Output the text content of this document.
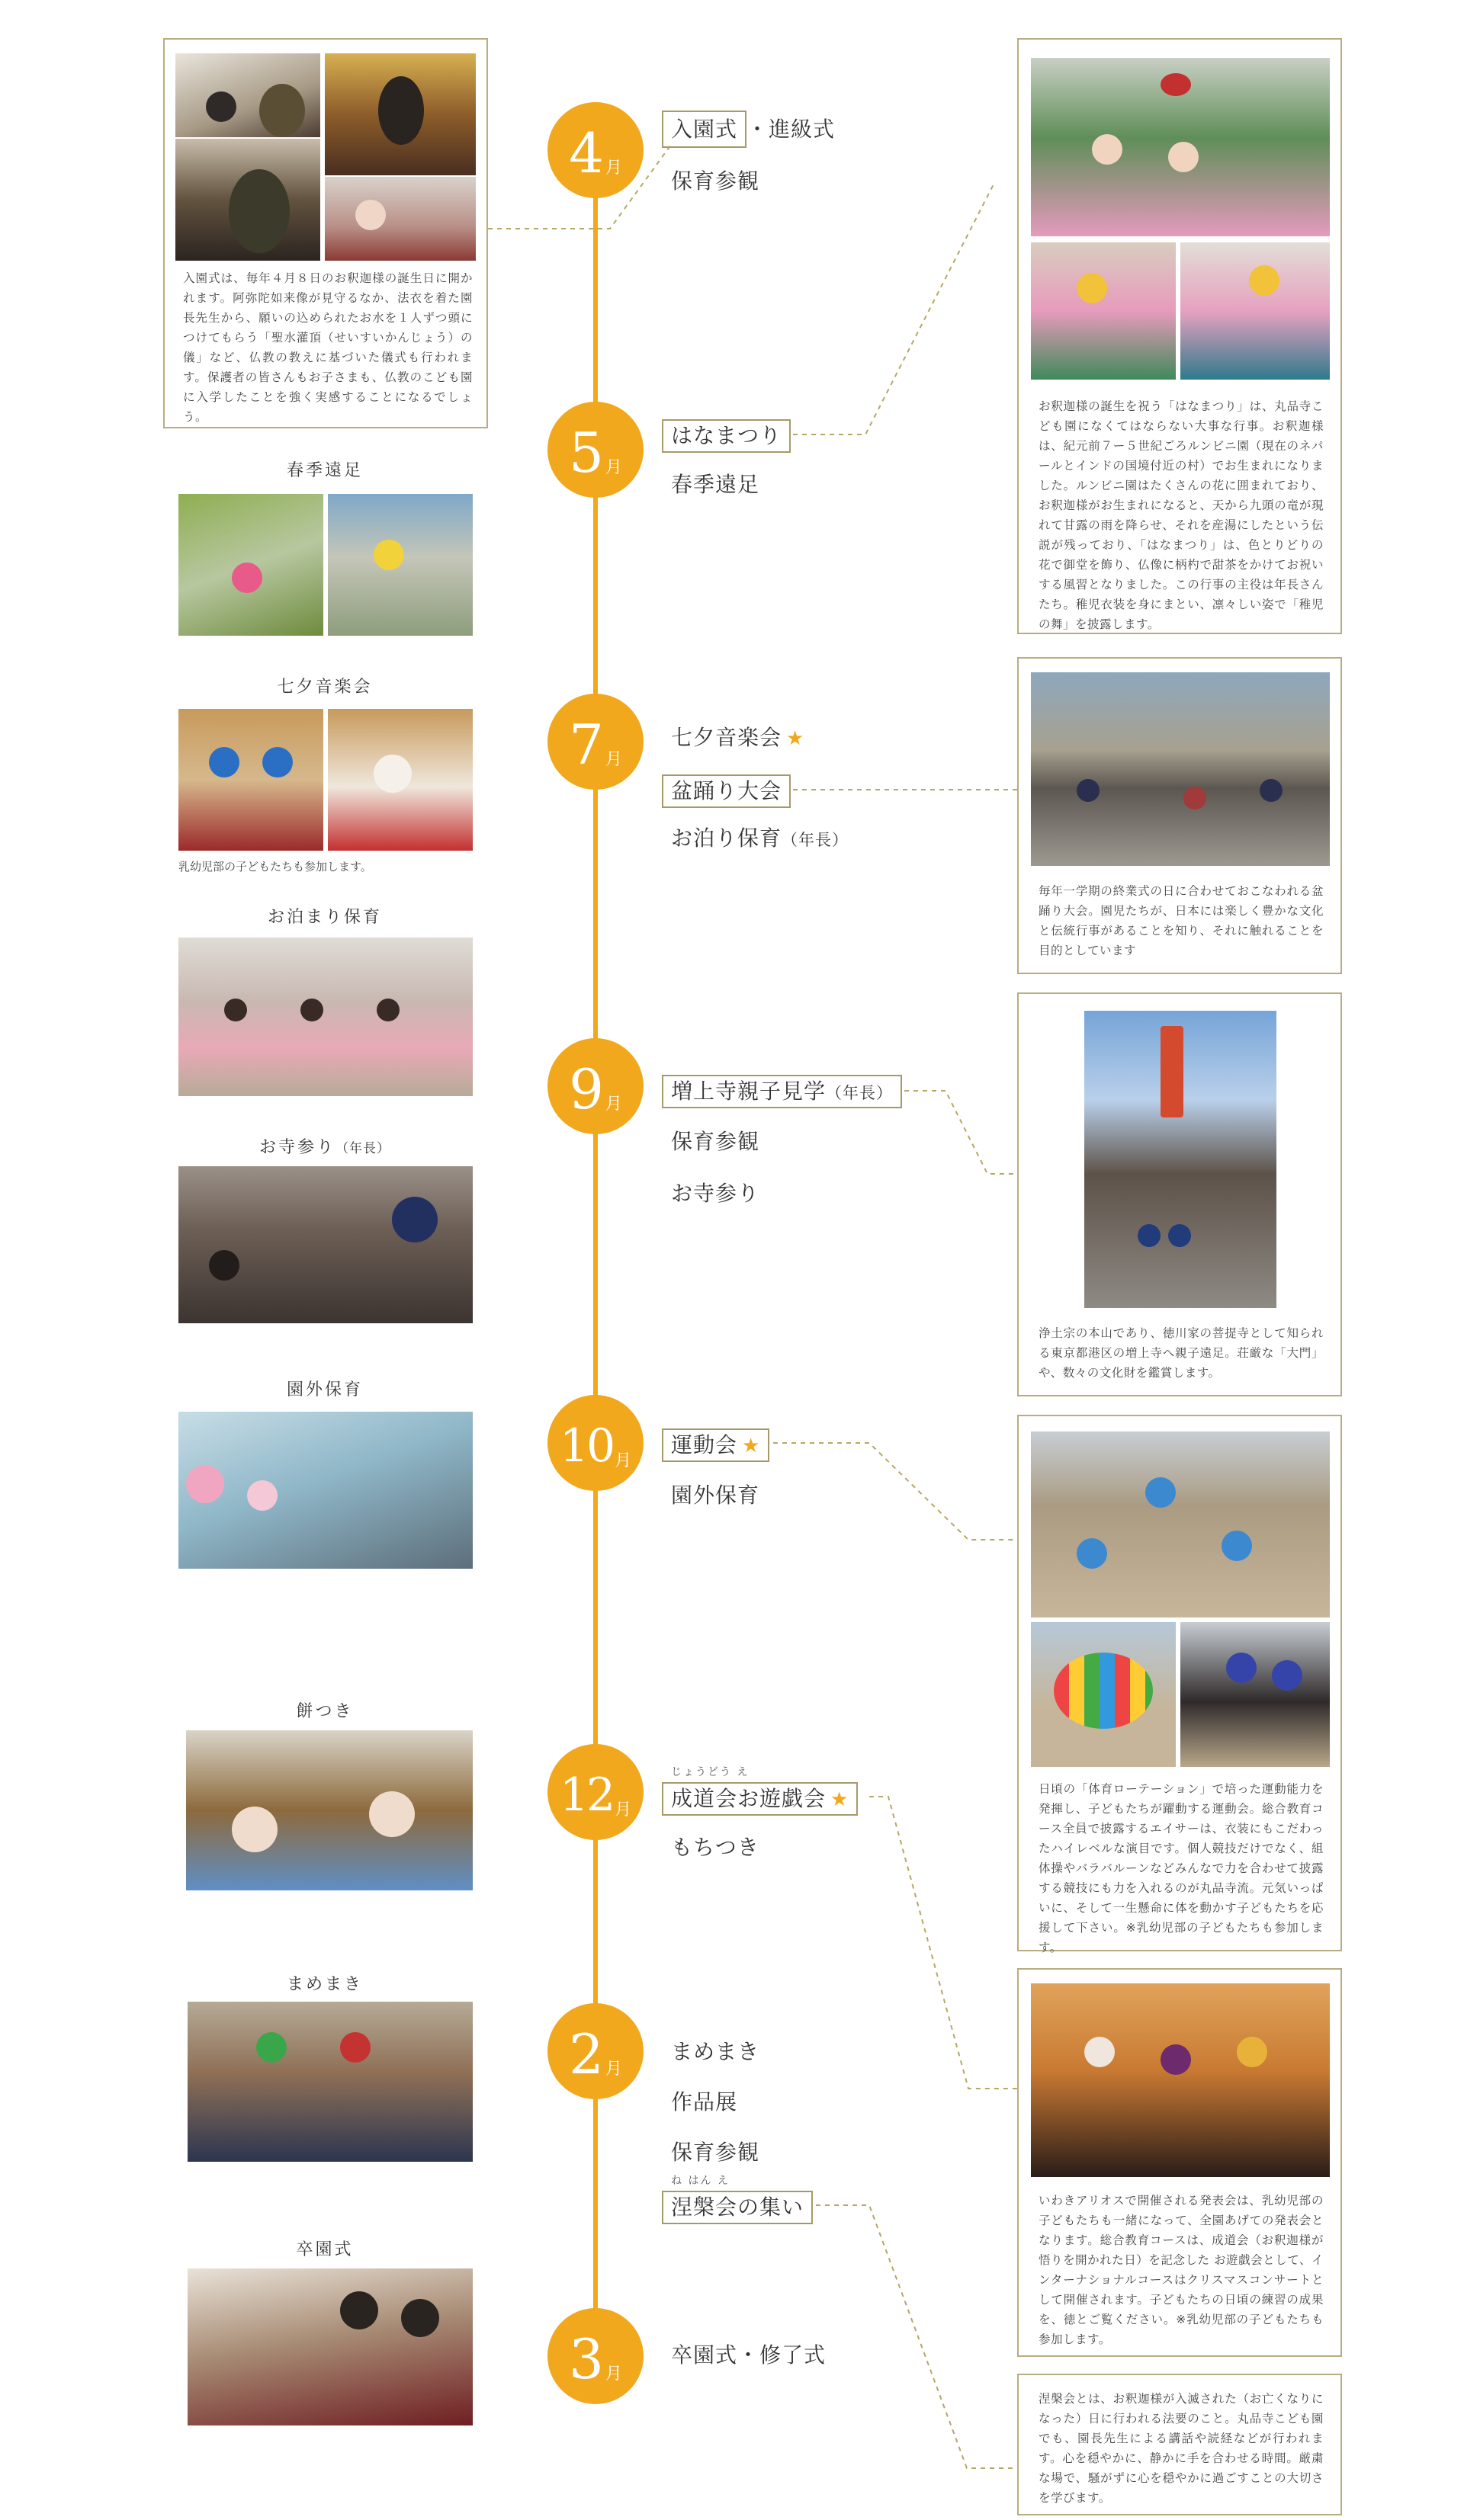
4 月
5 月
7 月
9 月
10 月
12 月
2 月
3 月
入園式 ・進級式
保育参観
はなまつり
春季遠足
七夕音楽会 ★
盆踊り大会
お泊り保育（年長）
増上寺親子見学（年長）
保育参観
お寺参り
運動会 ★
園外保育
じょうどう え
成道会お遊戯会 ★
もちつき
まめまき
作品展
保育参観
ね はん え
涅槃会の集い
卒園式・修了式

入園式は、毎年４月８日のお釈迦様の誕生日に開かれます。阿弥陀如来像が見守るなか、法衣を着た園長先生から、願いの込められたお水を１人ずつ頭につけてもらう「聖水灌頂（せいすいかんじょう）の儀」など、仏教の教えに基づいた儀式も行われます。保護者の皆さんもお子さまも、仏教のこども園に入学したことを強く実感することになるでしょう。

春季遠足
七夕音楽会
乳幼児部の子どもたちも参加します。
お泊まり保育
お寺参り（年長）
園外保育
餅つき
まめまき
卒園式

お釈迦様の誕生を祝う「はなまつり」は、丸品寺こども園になくてはならない大事な行事。お釈迦様は、紀元前７ー５世紀ごろルンビニ園（現在のネパールとインドの国境付近の村）でお生まれになりました。ルンビニ園はたくさんの花に囲まれており、お釈迦様がお生まれになると、天から九頭の竜が現れて甘露の雨を降らせ、それを産湯にしたという伝説が残っており、「はなまつり」は、色とりどりの花で御堂を飾り、仏像に柄杓で甜茶をかけてお祝いする風習となりました。この行事の主役は年長さんたち。稚児衣装を身にまとい、凛々しい姿で「稚児の舞」を披露します。

毎年一学期の終業式の日に合わせておこなわれる盆踊り大会。園児たちが、日本には楽しく豊かな文化と伝統行事があることを知り、それに触れることを目的としています

浄土宗の本山であり、徳川家の菩提寺として知られる東京都港区の増上寺へ親子遠足。荘厳な「大門」や、数々の文化財を鑑賞します。

日頃の「体育ローテーション」で培った運動能力を発揮し、子どもたちが躍動する運動会。総合教育コース全員で披露するエイサーは、衣装にもこだわったハイレベルな演目です。個人競技だけでなく、組体操やバラバルーンなどみんなで力を合わせて披露する競技にも力を入れるのが丸品寺流。元気いっぱいに、そして一生懸命に体を動かす子どもたちを応援して下さい。※乳幼児部の子どもたちも参加します。

いわきアリオスで開催される発表会は、乳幼児部の子どもたちも一緒になって、全園あげての発表会となります。総合教育コースは、成道会（お釈迦様が悟りを開かれた日）を記念した お遊戯会として、インターナショナルコースはクリスマスコンサートとして開催されます。子どもたちの日頃の練習の成果を、徳とご覧ください。※乳幼児部の子どもたちも参加します。

涅槃会とは、お釈迦様が入滅された（お亡くなりになった）日に行われる法要のこと。丸品寺こども園でも、園長先生による講話や読経などが行われます。心を穏やかに、静かに手を合わせる時間。厳粛な場で、騒がずに心を穏やかに過ごすことの大切さを学びます。
